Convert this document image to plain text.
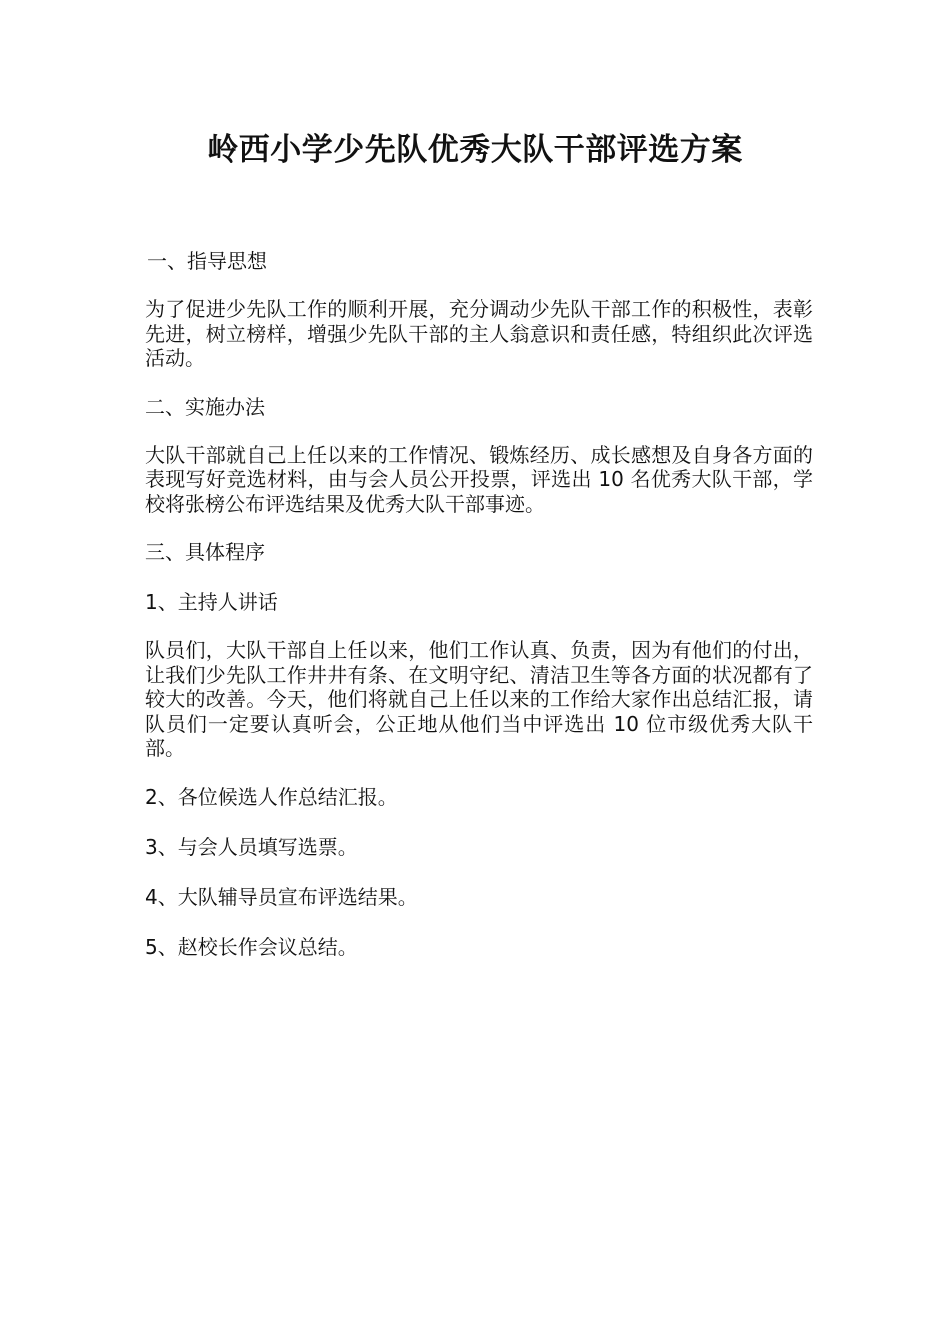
岭西小学少先队优秀大队干部评选方案

一、指导思想

为了促进少先队工作的顺利开展，充分调动少先队干部工作的积极性，表彰先进，树立榜样，增强少先队干部的主人翁意识和责任感，特组织此次评选活动。

二、实施办法

大队干部就自己上任以来的工作情况、锻炼经历、成长感想及自身各方面的表现写好竞选材料，由与会人员公开投票，评选出 10 名优秀大队干部，学校将张榜公布评选结果及优秀大队干部事迹。

三、具体程序

1、主持人讲话

队员们，大队干部自上任以来，他们工作认真、负责，因为有他们的付出，让我们少先队工作井井有条、在文明守纪、清洁卫生等各方面的状况都有了较大的改善。今天，他们将就自己上任以来的工作给大家作出总结汇报，请队员们一定要认真听会，公正地从他们当中评选出 10 位市级优秀大队干部。

2、各位候选人作总结汇报。

3、与会人员填写选票。

4、大队辅导员宣布评选结果。

5、赵校长作会议总结。
